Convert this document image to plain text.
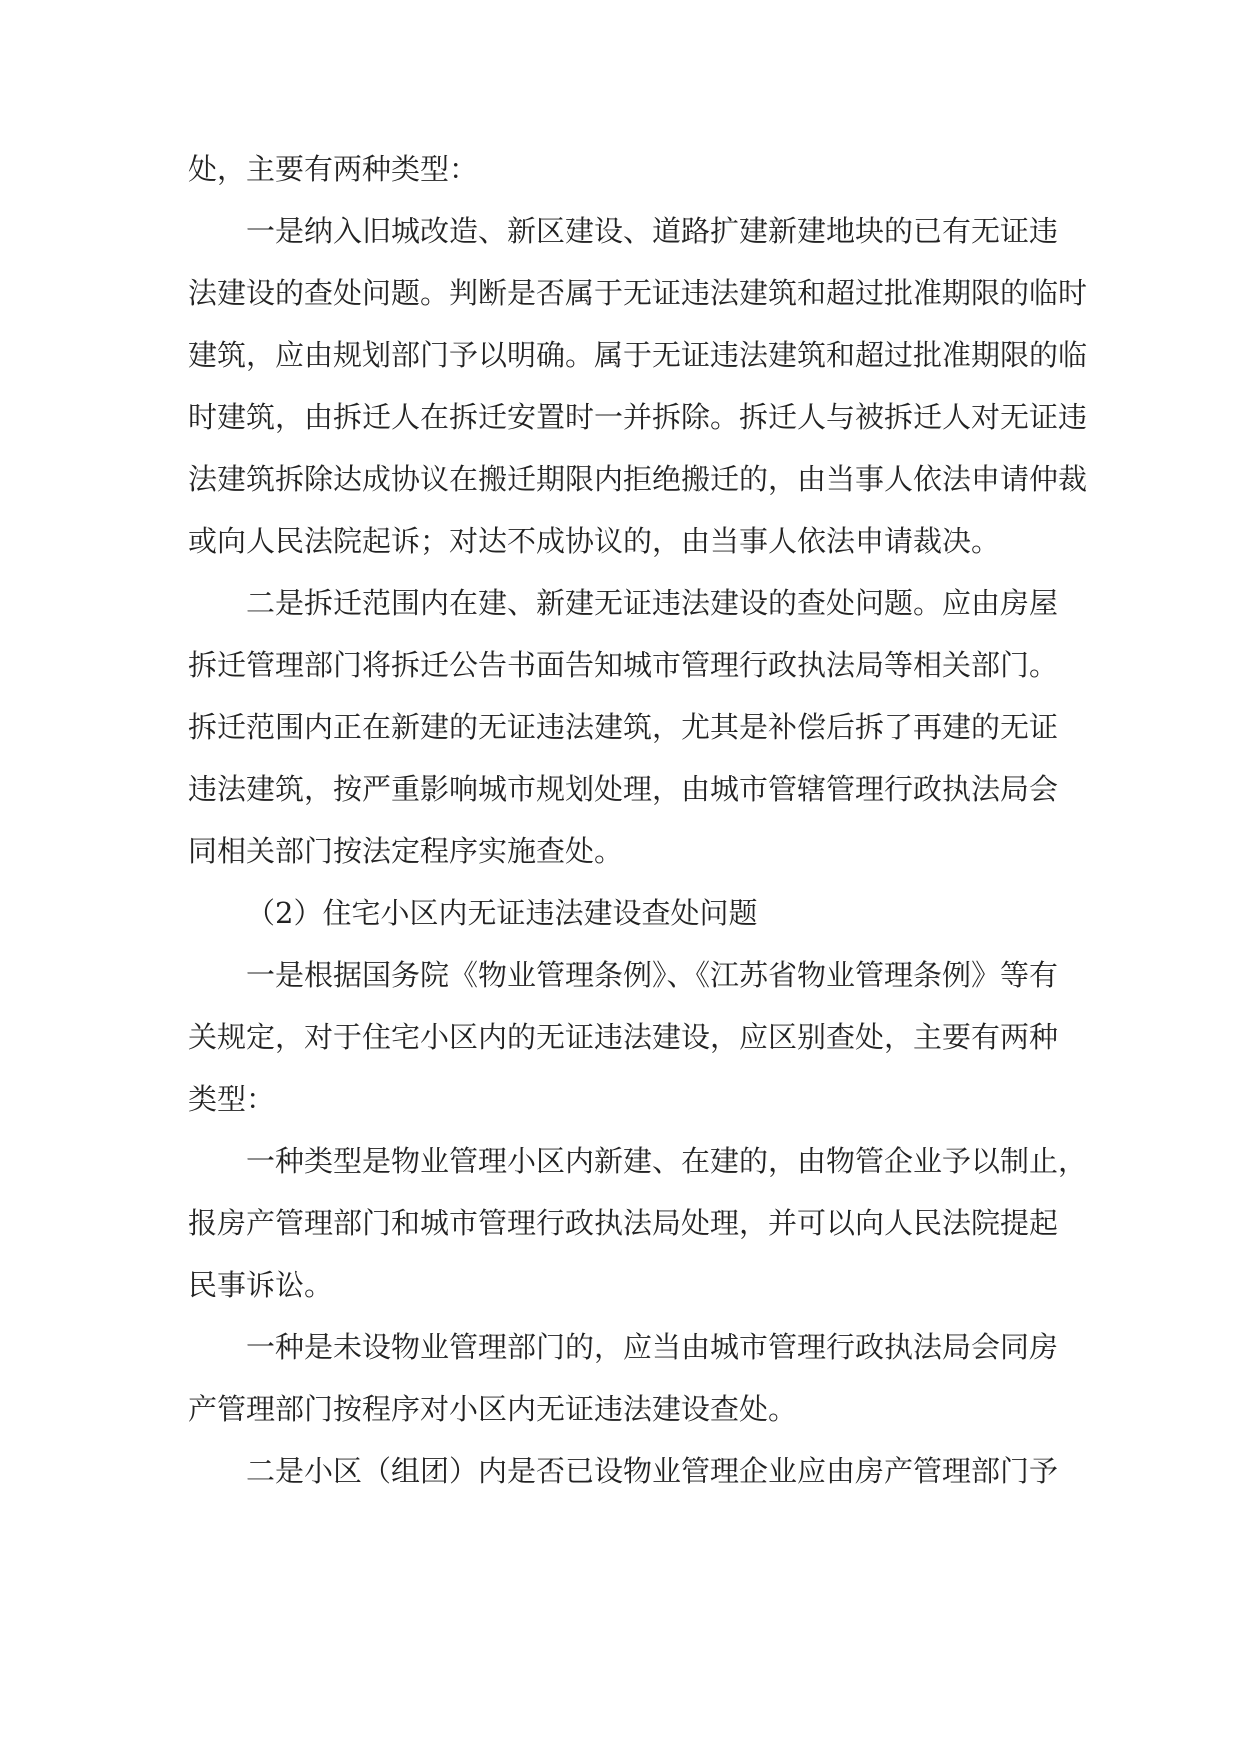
处，主要有两种类型：
一是纳入旧城改造、新区建设、道路扩建新建地块的已有无证违
法建设的查处问题。判断是否属于无证违法建筑和超过批准期限的临时
建筑，应由规划部门予以明确。属于无证违法建筑和超过批准期限的临
时建筑，由拆迁人在拆迁安置时一并拆除。拆迁人与被拆迁人对无证违
法建筑拆除达成协议在搬迁期限内拒绝搬迁的，由当事人依法申请仲裁
或向人民法院起诉；对达不成协议的，由当事人依法申请裁决。
二是拆迁范围内在建、新建无证违法建设的查处问题。应由房屋
拆迁管理部门将拆迁公告书面告知城市管理行政执法局等相关部门。
拆迁范围内正在新建的无证违法建筑，尤其是补偿后拆了再建的无证
违法建筑，按严重影响城市规划处理，由城市管辖管理行政执法局会
同相关部门按法定程序实施查处。
（2）住宅小区内无证违法建设查处问题
一是根据国务院《物业管理条例》、《江苏省物业管理条例》等有
关规定，对于住宅小区内的无证违法建设，应区别查处，主要有两种
类型：
一种类型是物业管理小区内新建、在建的，由物管企业予以制止，
报房产管理部门和城市管理行政执法局处理，并可以向人民法院提起
民事诉讼。
一种是未设物业管理部门的，应当由城市管理行政执法局会同房
产管理部门按程序对小区内无证违法建设查处。
二是小区（组团）内是否已设物业管理企业应由房产管理部门予
